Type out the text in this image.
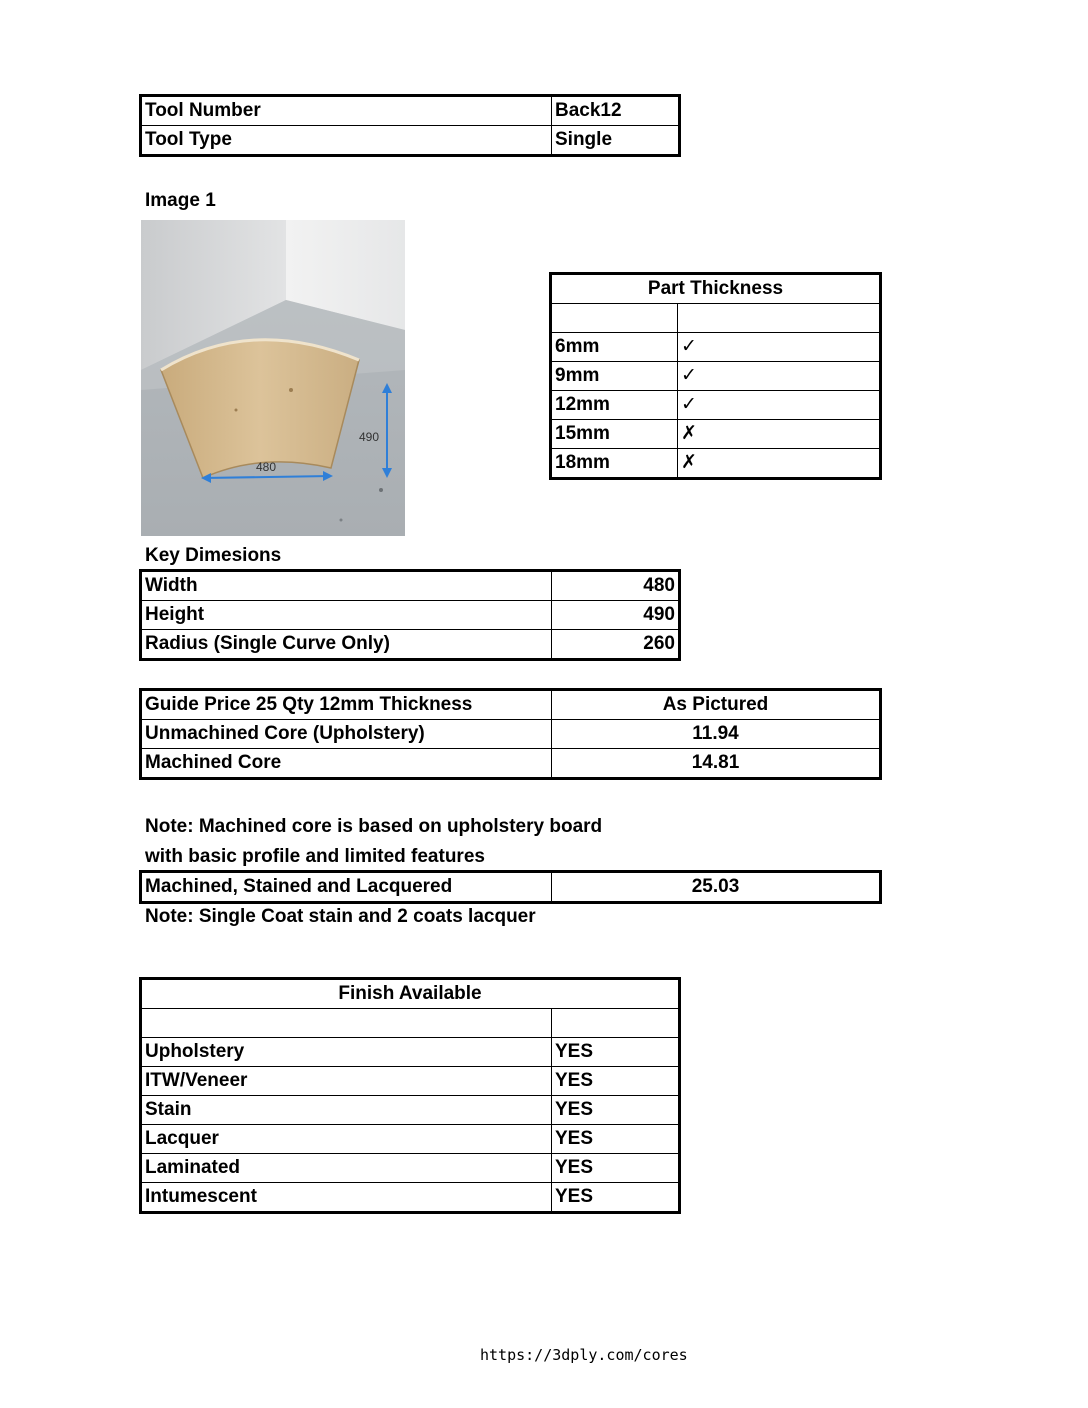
Tool Number	Back12
Tool Type	Single
Image 1
490
480
Part Thickness	

6mm	✓
9mm	✓
12mm	✓
15mm	✗
18mm	✗
Key Dimesions
Width	480
Height	490
Radius (Single Curve Only)	260
Guide Price 25 Qty 12mm Thickness	As Pictured
Unmachined Core (Upholstery)	11.94
Machined Core	14.81
Note: Machined core is based on upholstery board
with basic profile and limited features
Machined, Stained and Lacquered	25.03
Note: Single Coat stain and 2 coats lacquer
Finish Available	

Upholstery	YES
ITW/Veneer	YES
Stain	YES
Lacquer	YES
Laminated	YES
Intumescent	YES
https://3dply.com/cores
